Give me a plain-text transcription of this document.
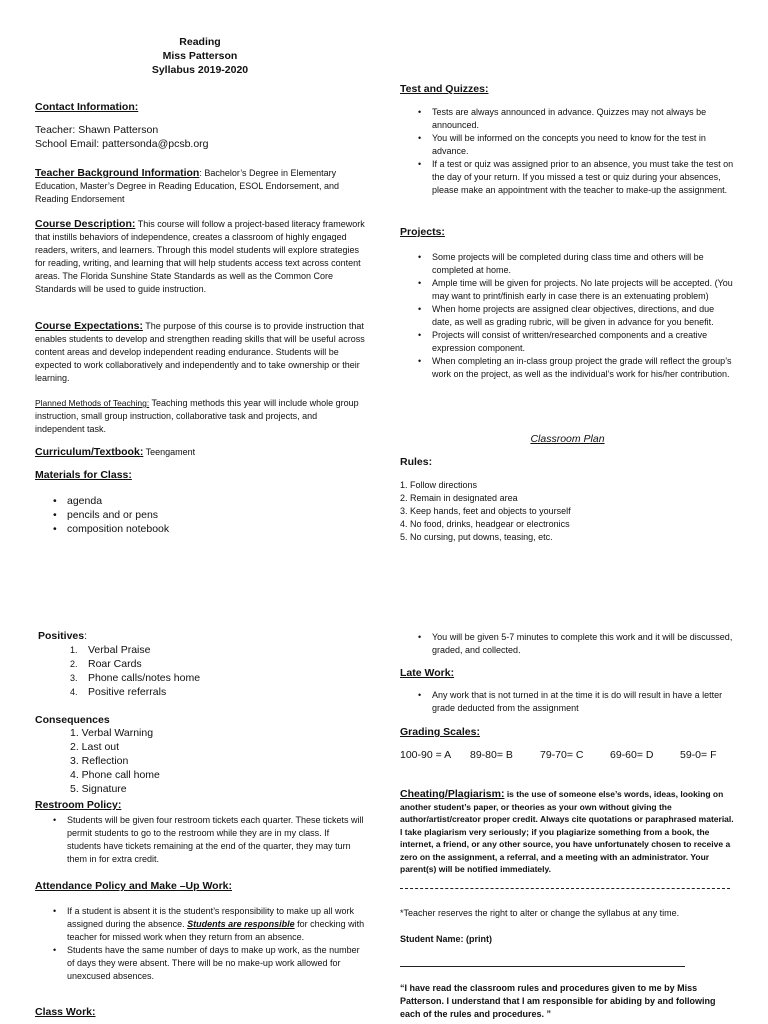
Reading
Miss Patterson
Syllabus 2019-2020
Contact Information:
Teacher: Shawn Patterson
School Email: pattersonda@pcsb.org
Teacher Background Information: Bachelor’s Degree in Elementary Education, Master’s Degree in Reading Education, ESOL Endorsement, and Reading Endorsement
Course Description: This course will follow a project-based literacy framework that instills behaviors of independence, creates a classroom of highly engaged readers, writers, and learners. Through this model students will explore strategies for reading, writing, and learning that will help students access text across content areas. The Florida Sunshine State Standards as well as the Common Core Standards will be used to guide instruction.
Course Expectations: The purpose of this course is to provide instruction that enables students to develop and strengthen reading skills that will be useful across content areas and develop independent reading endurance. Students will be expected to work collaboratively and independently and to take ownership or their learning.
Planned Methods of Teaching: Teaching methods this year will include whole group instruction, small group instruction, collaborative task and projects, and independent task.
Curriculum/Textbook: Teengament
Materials for Class:
• agenda
• pencils and or pens
• composition notebook
Test and Quizzes:
• Tests are always announced in advance. Quizzes may not always be announced.
• You will be informed on the concepts you need to know for the test in advance.
• If a test or quiz was assigned prior to an absence, you must take the test on the day of your return. If you missed a test or quiz during your absences, please make an appointment with the teacher to make-up the assignment.
Projects:
• Some projects will be completed during class time and others will be completed at home.
• Ample time will be given for projects. No late projects will be accepted. (You may want to print/finish early in case there is an extenuating problem)
• When home projects are assigned clear objectives, directions, and due date, as well as grading rubric, will be given in advance for you benefit.
• Projects will consist of written/researched components and a creative expression component.
• When completing an in-class group project the grade will reflect the group’s work on the project, as well as the individual’s work for his/her contribution.
Classroom Plan
Rules:
1. Follow directions
2. Remain in designated area
3. Keep hands, feet and objects to yourself
4. No food, drinks, headgear or electronics
5. No cursing, put downs, teasing, etc.
Positives:
1. Verbal Praise
2. Roar Cards
3. Phone calls/notes home
4. Positive referrals
Consequences
1. Verbal Warning
2. Last out
3. Reflection
4. Phone call home
5. Signature
Restroom Policy:
• Students will be given four restroom tickets each quarter. These tickets will permit students to go to the restroom while they are in my class. If students have tickets remaining at the end of the quarter, they may turn them in for extra credit.
Attendance Policy and Make –Up Work:
• If a student is absent it is the student’s responsibility to make up all work assigned during the absence. Students are responsible for checking with teacher for missed work when they return from an absence.
• Students have the same number of days to make up work, as the number of days they were absent. There will be no make-up work allowed for unexcused absences.
Class Work:
• You will be given 5-7 minutes to complete this work and it will be discussed, graded, and collected.
Late Work:
• Any work that is not turned in at the time it is do will result in have a letter grade deducted from the assignment
Grading Scales:
100-90 = A	89-80= B	79-70= C	69-60= D	59-0= F
Cheating/Plagiarism: is the use of someone else’s words, ideas, looking on another student’s paper, or theories as your own without giving the author/artist/creator proper credit. Always cite quotations or paraphrased material. I take plagiarism very seriously; if you plagiarize something from a book, the internet, a friend, or any other source, you have unfortunately chosen to receive a zero on the assignment, a referral, and a meeting with an administrator. Your parent(s) will be notified immediately.
*Teacher reserves the right to alter or change the syllabus at any time.
Student Name: (print)
“I have read the classroom rules and procedures given to me by Miss Patterson. I understand that I am responsible for abiding by and following each of the rules and procedures. ”
